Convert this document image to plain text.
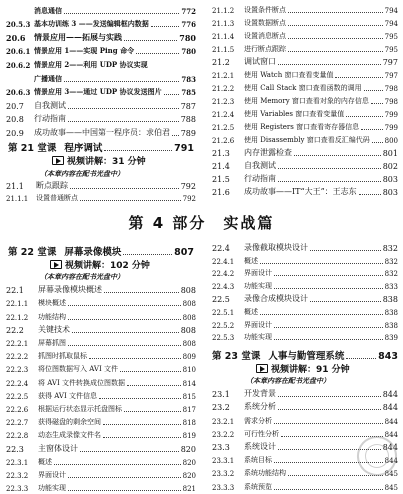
消息通信	772
20.5.3 基本功训练 3 ——发送编辑框内数据	776
20.6	情景应用——拓展与实践	780
20.6.1 情景应用 1——实现 Ping 命令	780
20.6.2 情景应用 2——利用 UDP 协议实现
广播通信	783
20.6.3 情景应用 3——通过 UDP 协议发送图片	785
20.7	自我测试	787
20.8	行动指南	788
20.9	成功故事——中国第一程序员：求伯君 789
第 21 堂课 程序调试	791
视频讲解：31 分钟
（本章内容在配书光盘中）
21.1	断点跟踪	792
21.1.1	设置普通断点	792
21.1.2	设置条件断点	794
21.1.3	设置数据断点	794
21.1.4	设置消息断点	795
21.1.5	进行断点跟踪	795
21.2	调试窗口	797
21.2.1	使用 Watch 窗口查看变量值	797
21.2.2	使用 Call Stack 窗口查看函数的调用	798
21.2.3	使用 Memory 窗口查看对象的内存信息 798
21.2.4	使用 Variables 窗口查看变量值	799
21.2.5	使用 Registers 窗口查看寄存器信息	799
21.2.6	使用 Disassembly 窗口查看反汇编代码 800
21.3	内存泄露检查	801
21.4	自我测试	802
21.5	行动指南	803
21.6	成功故事——IT“大王”：王志东	803
第 4 部分　实战篇
第 22 堂课 屏幕录像模块	807
视频讲解：102 分钟
（本章内容在配书光盘中）
22.1	屏幕录像模块概述	808
22.1.1	模块概述	808
22.1.2	功能结构	808
22.2	关键技术	808
22.2.1	屏幕抓图	808
22.2.2	抓图时抓取鼠标	809
22.2.3	将位图数据写入 AVI 文件	810
22.2.4	将 AVI 文件转换成位图数据	814
22.2.5	获得 AVI 文件信息	815
22.2.6	根据运行状态显示托盘图标	817
22.2.7	获得磁盘的剩余空间	818
22.2.8	动态生成录像文件名	819
22.3	主窗体设计	820
22.3.1	概述	820
22.3.2	界面设计	820
22.3.3	功能实现	821
22.4	录像截取模块设计	832
22.4.1	概述	832
22.4.2	界面设计	832
22.4.3	功能实现	833
22.5	录像合成模块设计	838
22.5.1	概述	838
22.5.2	界面设计	838
22.5.3	功能实现	839
第 23 堂课 人事与勤管理系统	843
视频讲解：91 分钟
（本章内容在配书光盘中）
23.1	开发背景	844
23.2	系统分析	844
23.2.1	需求分析	844
23.2.2	可行性分析	844
23.3	系统设计	844
23.3.1	系统目标	844
23.3.2	系统功能结构	845
23.3.3	系统预览	845
